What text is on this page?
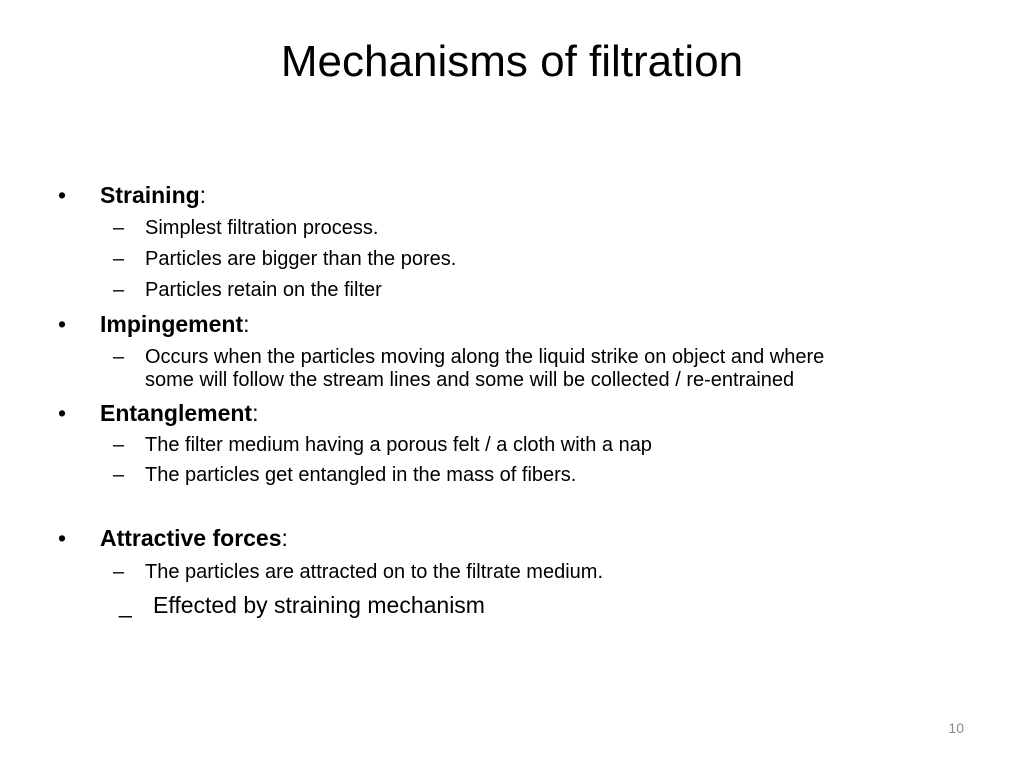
Mechanisms of filtration
•	Straining:
–	Simplest filtration process.
–	Particles are bigger than the pores.
–	Particles retain on the filter
•	Impingement:
–	Occurs when the particles moving along the liquid strike on object and where
some will follow the stream lines and some will be collected / re-entrained
•	Entanglement:
–	The filter medium having a porous felt / a cloth with a nap
–	The particles get entangled in the mass of fibers.
•	Attractive forces:
–	The particles are attracted on to the filtrate medium.
_ Effected by straining mechanism
10
